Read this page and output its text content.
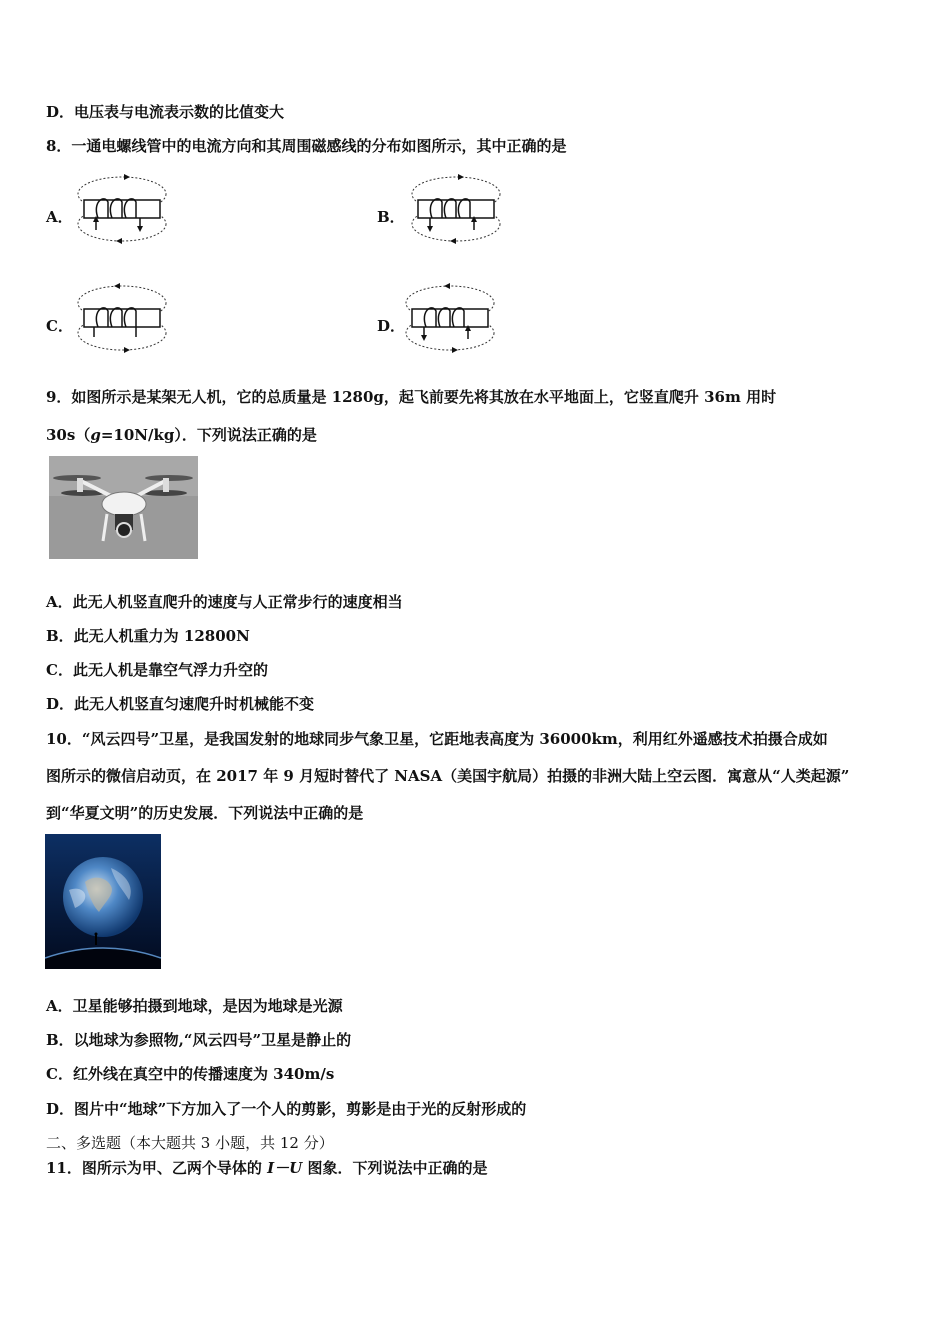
D．电压表与电流表示数的比值变大
8．一通电螺线管中的电流方向和其周围磁感线的分布如图所示，其中正确的是
A．	B．
C．	D．
9．如图所示是某架无人机，它的总质量是 1280g，起飞前要先将其放在水平地面上，它竖直爬升 36m 用时
30s（g=10N/kg）．下列说法正确的是
A．此无人机竖直爬升的速度与人正常步行的速度相当
B．此无人机重力为 12800N
C．此无人机是靠空气浮力升空的
D．此无人机竖直匀速爬升时机械能不变
10．“风云四号”卫星，是我国发射的地球同步气象卫星，它距地表高度为 36000km，利用红外遥感技术拍摄合成如
图所示的微信启动页，在 2017 年 9 月短时替代了 NASA（美国宇航局）拍摄的非洲大陆上空云图．寓意从“人类起源”
到“华夏文明”的历史发展．下列说法中正确的是
A．卫星能够拍摄到地球，是因为地球是光源
B．以地球为参照物,“风云四号”卫星是静止的
C．红外线在真空中的传播速度为 340m/s
D．图片中“地球”下方加入了一个人的剪影，剪影是由于光的反射形成的
二、多选题（本大题共 3 小题，共 12 分）
11．图所示为甲、乙两个导体的 I－U 图象．下列说法中正确的是
